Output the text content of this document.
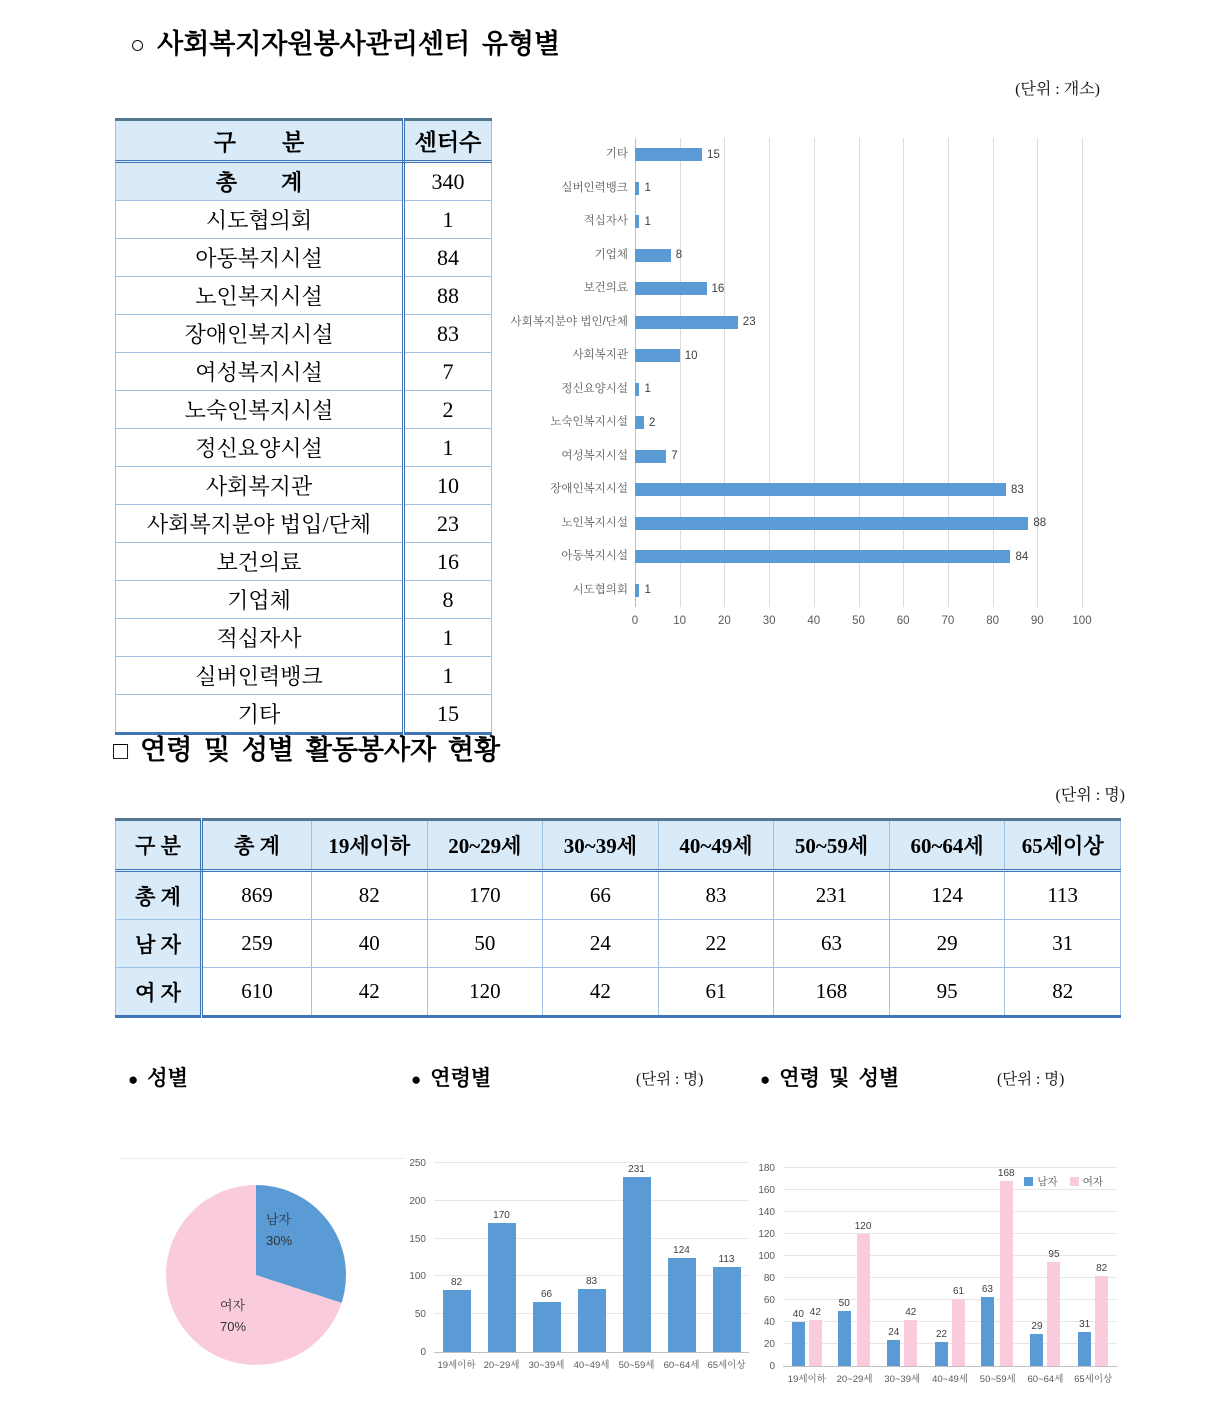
○ 사회복지자원봉사관리센터 유형별
(단위 : 개소)
구　　분	센터수
총　　계	340
시도협의회	1
아동복지시설	84
노인복지시설	88
장애인복지시설	83
여성복지시설	7
노숙인복지시설	2
정신요양시설	1
사회복지관	10
사회복지분야 법입/단체	23
보건의료	16
기업체	8
적십자사	1
실버인력뱅크	1
기타	15
기타
실버인력뱅크
적십자사
기업체
보건의료
사회복지분야 법인/단체
사회복지관
정신요양시설
노숙인복지시설
여성복지시설
장애인복지시설
노인복지시설
아동복지시설
시도협의회
15
1
1
8
16
23
10
1
2
7
83
88
84
1
0	10	20	30	40	50	60	70	80	90 100
□ 연령 및 성별 활동봉사자 현황
(단위 : 명)
구 분	총 계	19세이하	20~29세	30~39세	40~49세	50~59세	60~64세	65세이상
총 계	869	82	170	66	83	231	124	113
남 자	259	40	50	24	22	63	29	31
여 자	610	42	120	42	61	168	95	82
● 성별	● 연령별	(단위 : 명)	● 연령 및 성별	(단위 : 명)
남자
30%
여자
70%
0
50
100
150
200
250
82
170
66
83
231
124
113
19세이하 20~29세 30~39세 40~49세 50~59세 60~64세 65세이상	0
20
40
60
80
100
120
140
160
180
40 42
50
120
24
42
22
61 63
168
29
95
31
82
19세이하	20~29세	30~39세	40~49세	50~59세	60~64세	65세이상
남자 여자
